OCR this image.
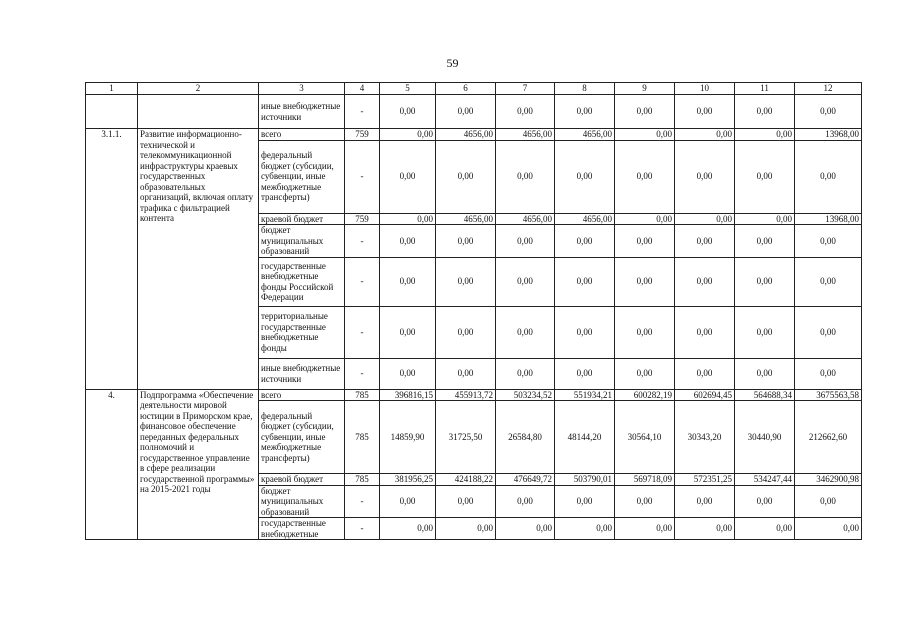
59
1	2	3	4	5	6	7	8	9	10	11	12
		иные внебюджетные источники	-	0,00	0,00	0,00	0,00	0,00	0,00	0,00	0,00
3.1.1.	Развитие информационно-технической и телекоммуникационной инфраструктуры краевых государственных образовательных организаций, включая оплату трафика с фильтрацией контента	всего	759	0,00	4656,00	4656,00	4656,00	0,00	0,00	0,00	13968,00
		федеральный бюджет (субсидии, субвенции, иные межбюджетные трансферты)	-	0,00	0,00	0,00	0,00	0,00	0,00	0,00	0,00
		краевой бюджет	759	0,00	4656,00	4656,00	4656,00	0,00	0,00	0,00	13968,00
		бюджет муниципальных образований	-	0,00	0,00	0,00	0,00	0,00	0,00	0,00	0,00
		государственные внебюджетные фонды Российской Федерации	-	0,00	0,00	0,00	0,00	0,00	0,00	0,00	0,00
		территориальные государственные внебюджетные фонды	-	0,00	0,00	0,00	0,00	0,00	0,00	0,00	0,00
		иные внебюджетные источники	-	0,00	0,00	0,00	0,00	0,00	0,00	0,00	0,00
4.	Подпрограмма «Обеспечение деятельности мировой юстиции в Приморском крае, финансовое обеспечение переданных федеральных полномочий и государственное управление в сфере реализации государственной программы» на 2015-2021 годы	всего	785	396816,15	455913,72	503234,52	551934,21	600282,19	602694,45	564688,34	3675563,58
		федеральный бюджет (субсидии, субвенции, иные межбюджетные трансферты)	785	14859,90	31725,50	26584,80	48144,20	30564,10	30343,20	30440,90	212662,60
		краевой бюджет	785	381956,25	424188,22	476649,72	503790,01	569718,09	572351,25	534247,44	3462900,98
		бюджет муниципальных образований	-	0,00	0,00	0,00	0,00	0,00	0,00	0,00	0,00
		государственные внебюджетные	-	0,00	0,00	0,00	0,00	0,00	0,00	0,00	0,00
